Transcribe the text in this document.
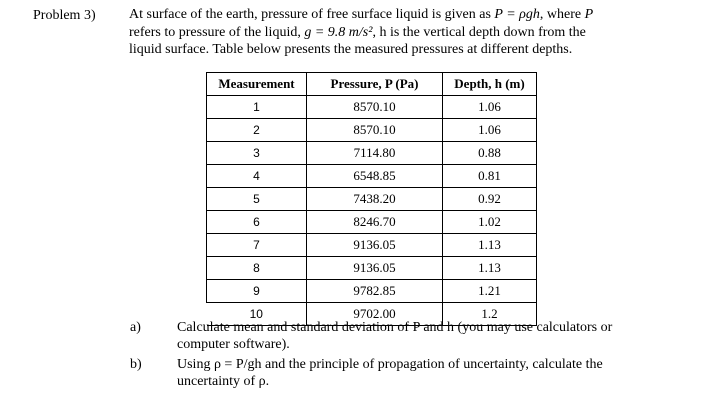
Problem 3) At surface of the earth, pressure of free surface liquid is given as P = ρgh, where P
refers to pressure of the liquid, g = 9.8 m/s², h is the vertical depth down from the
liquid surface. Table below presents the measured pressures at different depths.
Measurement	Pressure, P (Pa)	Depth, h (m)
1	8570.10	1.06
2	8570.10	1.06
3	7114.80	0.88
4	6548.85	0.81
5	7438.20	0.92
6	8246.70	1.02
7	9136.05	1.13
8	9136.05	1.13
9	9782.85	1.21
10	9702.00	1.2
a)	Calculate mean and standard deviation of P and h (you may use calculators or
computer software).
b)	Using ρ = P/gh and the principle of propagation of uncertainty, calculate the
uncertainty of ρ.
